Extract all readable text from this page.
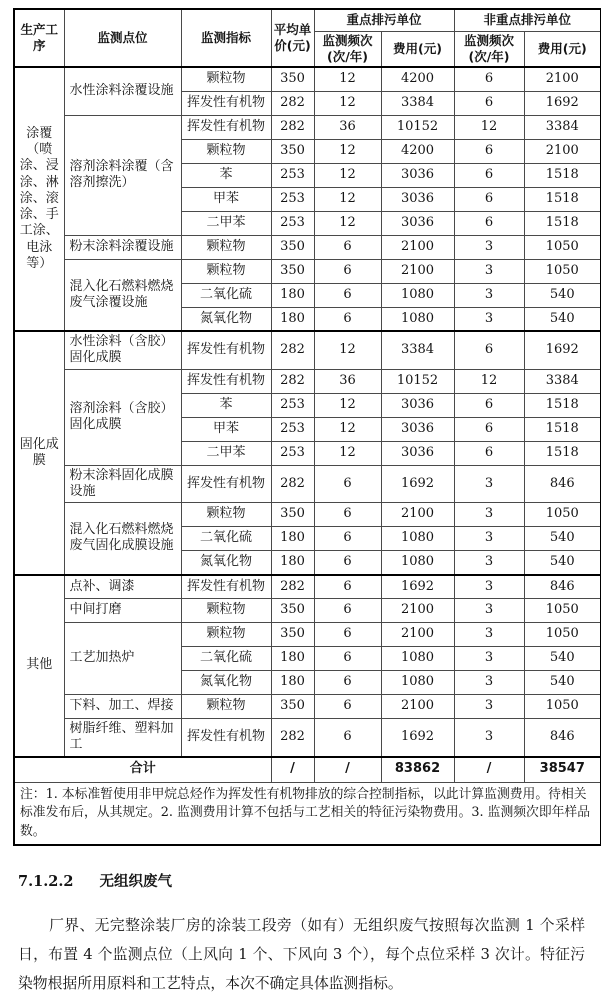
生产工序	监测点位	监测指标	平均单价(元)	重点排污单位		非重点排污单位	
				监测频次(次/年)	费用(元)	监测频次(次/年)	费用(元)
涂覆（喷涂、浸涂、淋涂、滚涂、手工涂、电泳等）	水性涂料涂覆设施	颗粒物	350	12	4200	6	2100
		挥发性有机物	282	12	3384	6	1692
	溶剂涂料涂覆（含溶剂擦洗）	挥发性有机物	282	36	10152	12	3384
		颗粒物	350	12	4200	6	2100
		苯	253	12	3036	6	1518
		甲苯	253	12	3036	6	1518
		二甲苯	253	12	3036	6	1518
	粉末涂料涂覆设施	颗粒物	350	6	2100	3	1050
	混入化石燃料燃烧废气涂覆设施	颗粒物	350	6	2100	3	1050
		二氧化硫	180	6	1080	3	540
		氮氧化物	180	6	1080	3	540
固化成膜	水性涂料（含胶）固化成膜	挥发性有机物	282	12	3384	6	1692
	溶剂涂料（含胶）固化成膜	挥发性有机物	282	36	10152	12	3384
		苯	253	12	3036	6	1518
		甲苯	253	12	3036	6	1518
		二甲苯	253	12	3036	6	1518
	粉末涂料固化成膜设施	挥发性有机物	282	6	1692	3	846
	混入化石燃料燃烧废气固化成膜设施	颗粒物	350	6	2100	3	1050
		二氧化硫	180	6	1080	3	540
		氮氧化物	180	6	1080	3	540
其他	点补、调漆	挥发性有机物	282	6	1692	3	846
	中间打磨	颗粒物	350	6	2100	3	1050
	工艺加热炉	颗粒物	350	6	2100	3	1050
		二氧化硫	180	6	1080	3	540
		氮氧化物	180	6	1080	3	540
	下料、加工、焊接	颗粒物	350	6	2100	3	1050
	树脂纤维、塑料加工	挥发性有机物	282	6	1692	3	846
合计			/	/	83862	/	38547
注：1. 本标准暂使用非甲烷总烃作为挥发性有机物排放的综合控制指标，以此计算监测费用。待相关标准发布后，从其规定。2. 监测费用计算不包括与工艺相关的特征污染物费用。3. 监测频次即年样品数。							
7.1.2.2 无组织废气

厂界、无完整涂装厂房的涂装工段旁（如有）无组织废气按照每次监测 1 个采样日，布置 4 个监测点位（上风向 1 个、下风向 3 个），每个点位采样 3 次计。特征污染物根据所用原料和工艺特点，本次不确定具体监测指标。
